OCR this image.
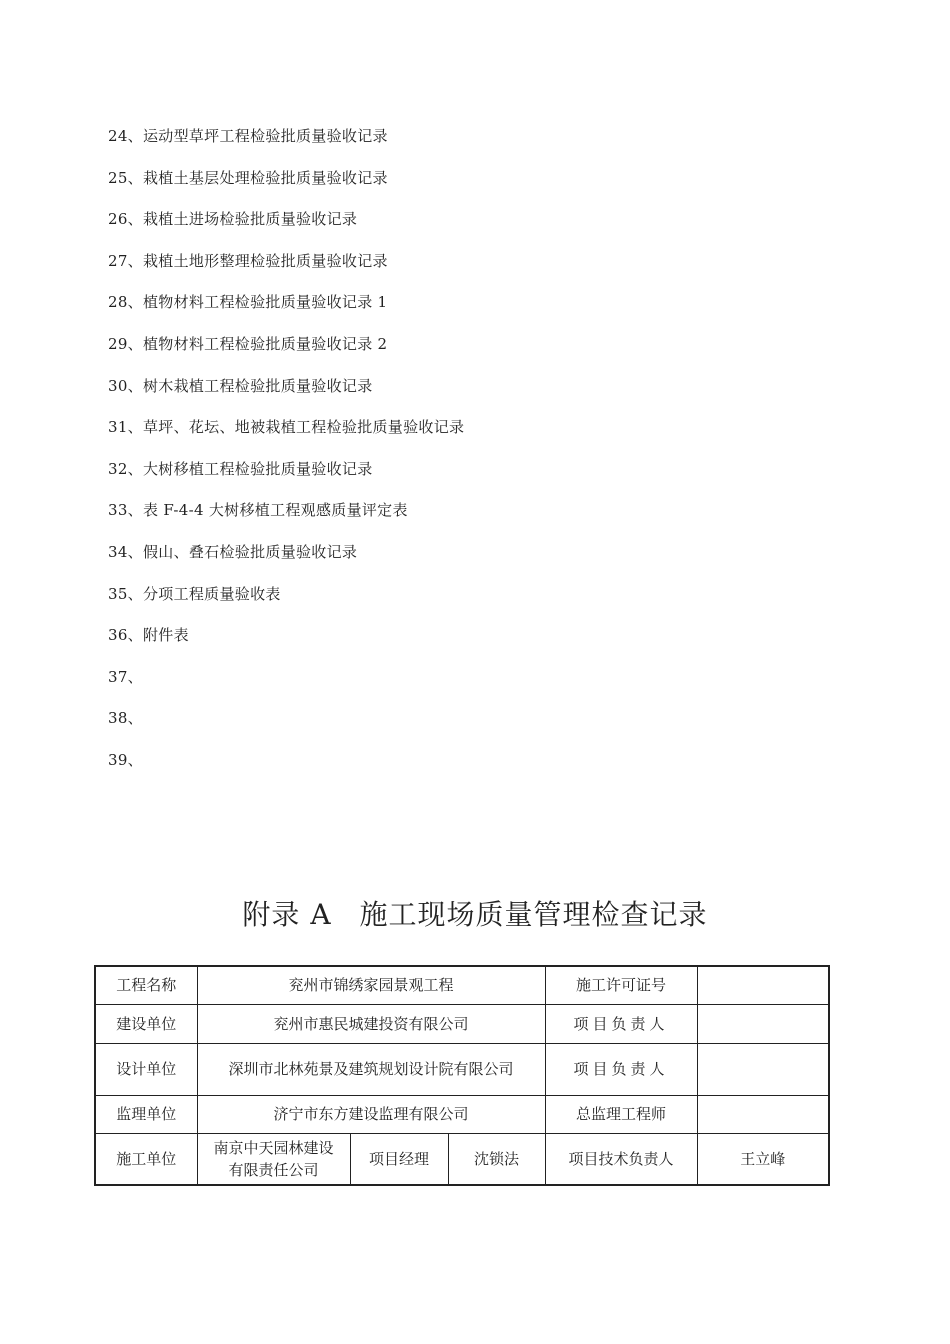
24、运动型草坪工程检验批质量验收记录
25、栽植土基层处理检验批质量验收记录
26、栽植土进场检验批质量验收记录
27、栽植土地形整理检验批质量验收记录
28、植物材料工程检验批质量验收记录 1
29、植物材料工程检验批质量验收记录 2
30、树木栽植工程检验批质量验收记录
31、草坪、花坛、地被栽植工程检验批质量验收记录
32、大树移植工程检验批质量验收记录
33、表 F-4-4 大树移植工程观感质量评定表
34、假山、叠石检验批质量验收记录
35、分项工程质量验收表
36、附件表
37、
38、
39、
附录 A 施工现场质量管理检查记录
工程名称	兖州市锦绣家园景观工程			施工许可证号	
建设单位	兖州市惠民城建投资有限公司			项目负责人	
设计单位	深圳市北林苑景及建筑规划设计院有限公司			项目负责人	
监理单位	济宁市东方建设监理有限公司			总监理工程师	
施工单位	南京中天园林建设有限责任公司	项目经理	沈锁法	项目技术负责人	王立峰
